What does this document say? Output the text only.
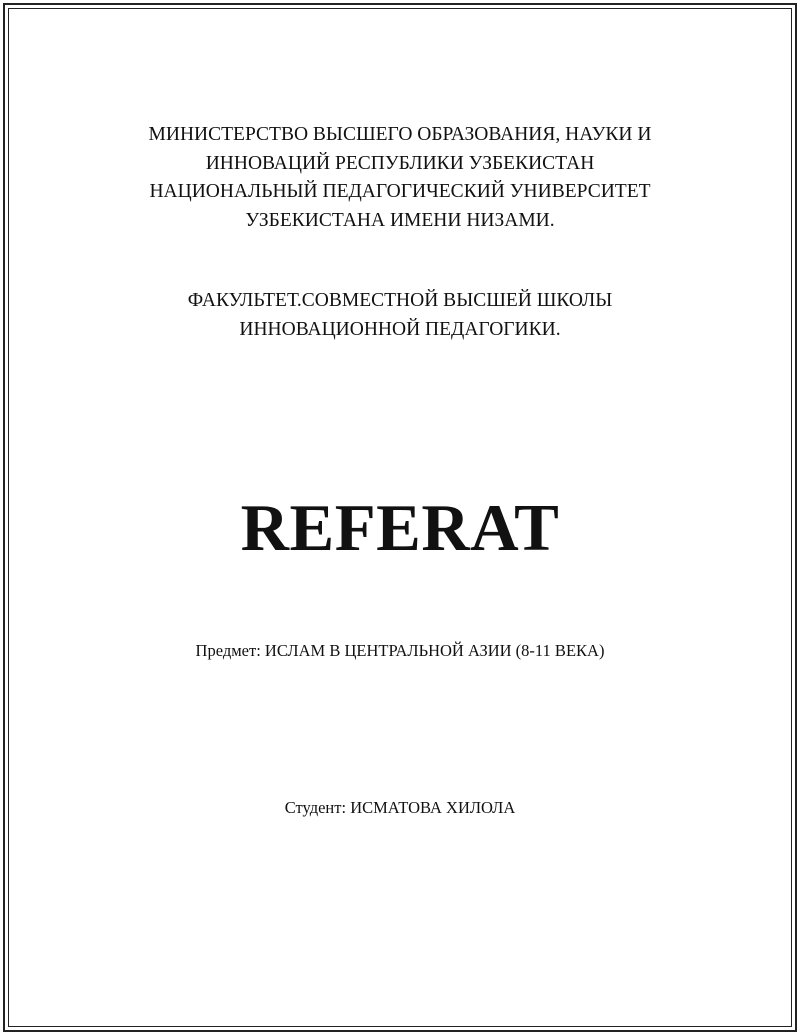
МИНИСТЕРСТВО ВЫСШЕГО ОБРАЗОВАНИЯ, НАУКИ И
ИННОВАЦИЙ РЕСПУБЛИКИ УЗБЕКИСТАН
НАЦИОНАЛЬНЫЙ ПЕДАГОГИЧЕСКИЙ УНИВЕРСИТЕТ
УЗБЕКИСТАНА ИМЕНИ НИЗАМИ.
ФАКУЛЬТЕТ.СОВМЕСТНОЙ ВЫСШЕЙ ШКОЛЫ
ИННОВАЦИОННОЙ ПЕДАГОГИКИ.
REFERAT
Предмет: ИСЛАМ В ЦЕНТРАЛЬНОЙ АЗИИ (8-11 ВЕКА)
Студент: ИСМАТОВА ХИЛОЛА
